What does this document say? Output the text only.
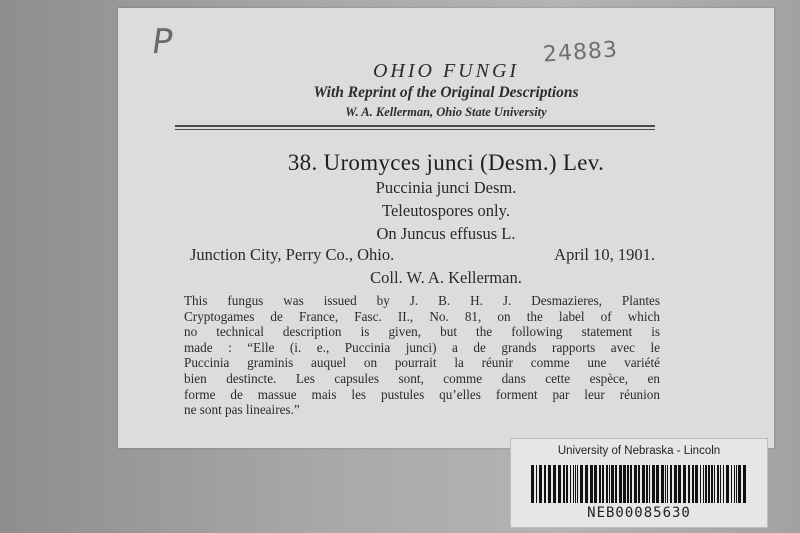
P	24883
OHIO FUNGI
With Reprint of the Original Descriptions
W. A. Kellerman, Ohio State University
38. Uromyces junci (Desm.) Lev.
Puccinia junci Desm.
Teleutospores only.
On Juncus effusus L.
Junction City, Perry Co., Ohio.	April 10, 1901.
Coll. W. A. Kellerman.
This fungus was issued by J. B. H. J. Desmazieres, Plantes
Cryptogames de France, Fasc. II., No. 81, on the label of which
no technical description is given, but the following statement is
made : “Elle (i. e., Puccinia junci) a de grands rapports avec le
Puccinia graminis auquel on pourrait la réunir comme une variété
bien destincte. Les capsules sont, comme dans cette espèce, en
forme de massue mais les pustules qu’elles forment par leur réunion
ne sont pas lineaires.”
University of Nebraska - Lincoln
NEB00085630
